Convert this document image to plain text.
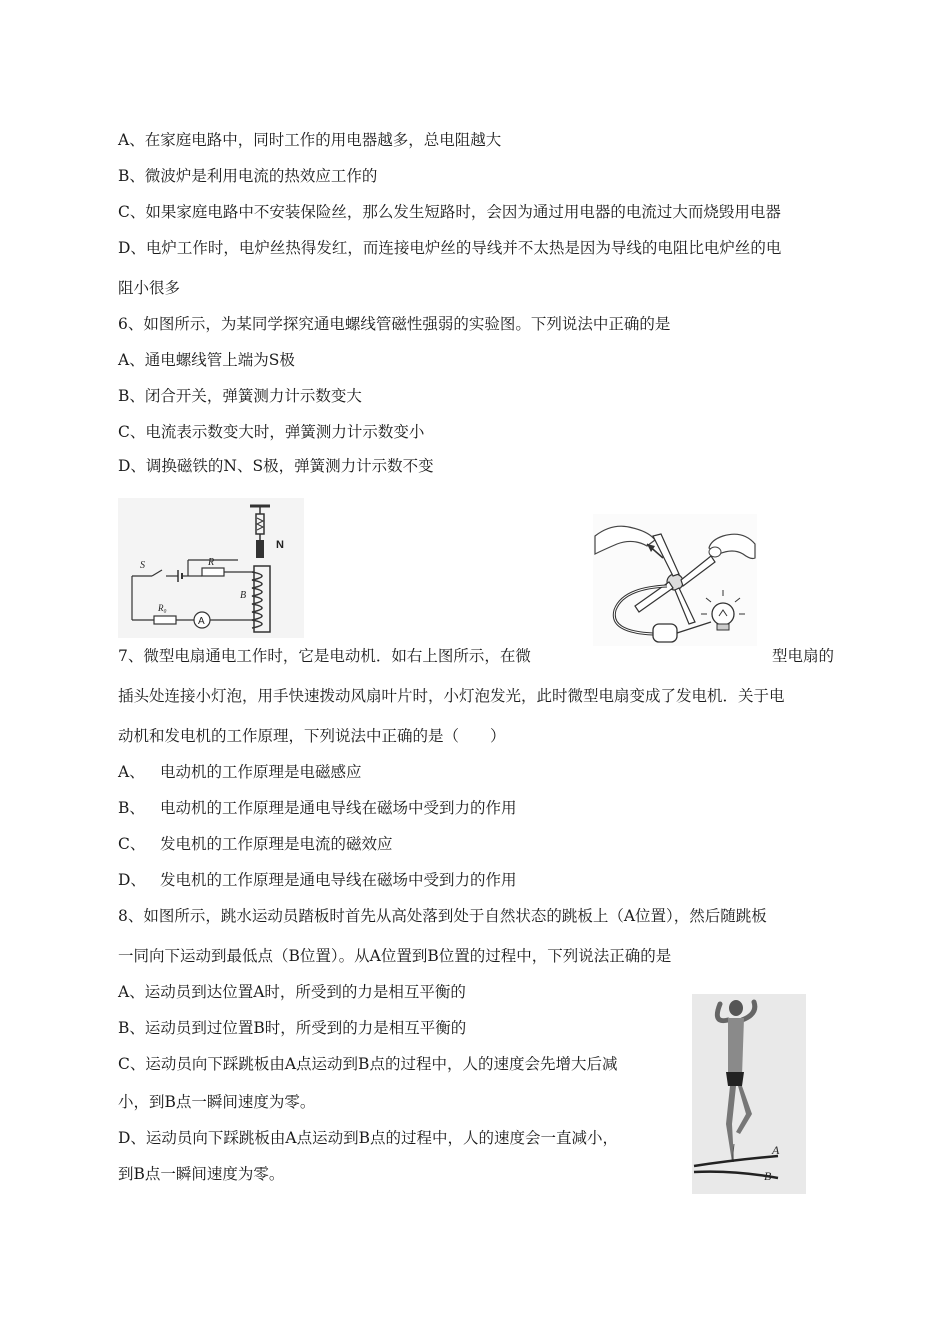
A、在家庭电路中，同时工作的用电器越多，总电阻越大
B、微波炉是利用电流的热效应工作的
C、如果家庭电路中不安装保险丝，那么发生短路时，会因为通过用电器的电流过大而烧毁用电器
D、电炉工作时，电炉丝热得发红，而连接电炉丝的导线并不太热是因为导线的电阻比电炉丝的电
阻小很多
6、如图所示，为某同学探究通电螺线管磁性强弱的实验图。下列说法中正确的是
A、通电螺线管上端为S极
B、闭合开关，弹簧测力计示数变大
C、电流表示数变大时，弹簧测力计示数变小
D、调换磁铁的N、S极，弹簧测力计示数不变
N
B
S	R
R₀
A
7、微型电扇通电工作时，它是电动机．如右上图所示，在微	型电扇的
插头处连接小灯泡，用手快速拨动风扇叶片时，小灯泡发光，此时微型电扇变成了发电机．关于电
动机和发电机的工作原理，下列说法中正确的是（　　）
A、 电动机的工作原理是电磁感应
B、 电动机的工作原理是通电导线在磁场中受到力的作用
C、 发电机的工作原理是电流的磁效应
D、 发电机的工作原理是通电导线在磁场中受到力的作用
8、如图所示，跳水运动员踏板时首先从高处落到处于自然状态的跳板上（A位置），然后随跳板
一同向下运动到最低点（B位置）。从A位置到B位置的过程中，下列说法正确的是
A、运动员到达位置A时，所受到的力是相互平衡的
B、运动员到过位置B时，所受到的力是相互平衡的
C、运动员向下踩跳板由A点运动到B点的过程中，人的速度会先增大后减
小，到B点一瞬间速度为零。
D、运动员向下踩跳板由A点运动到B点的过程中，人的速度会一直减小，
到B点一瞬间速度为零。
A
B
